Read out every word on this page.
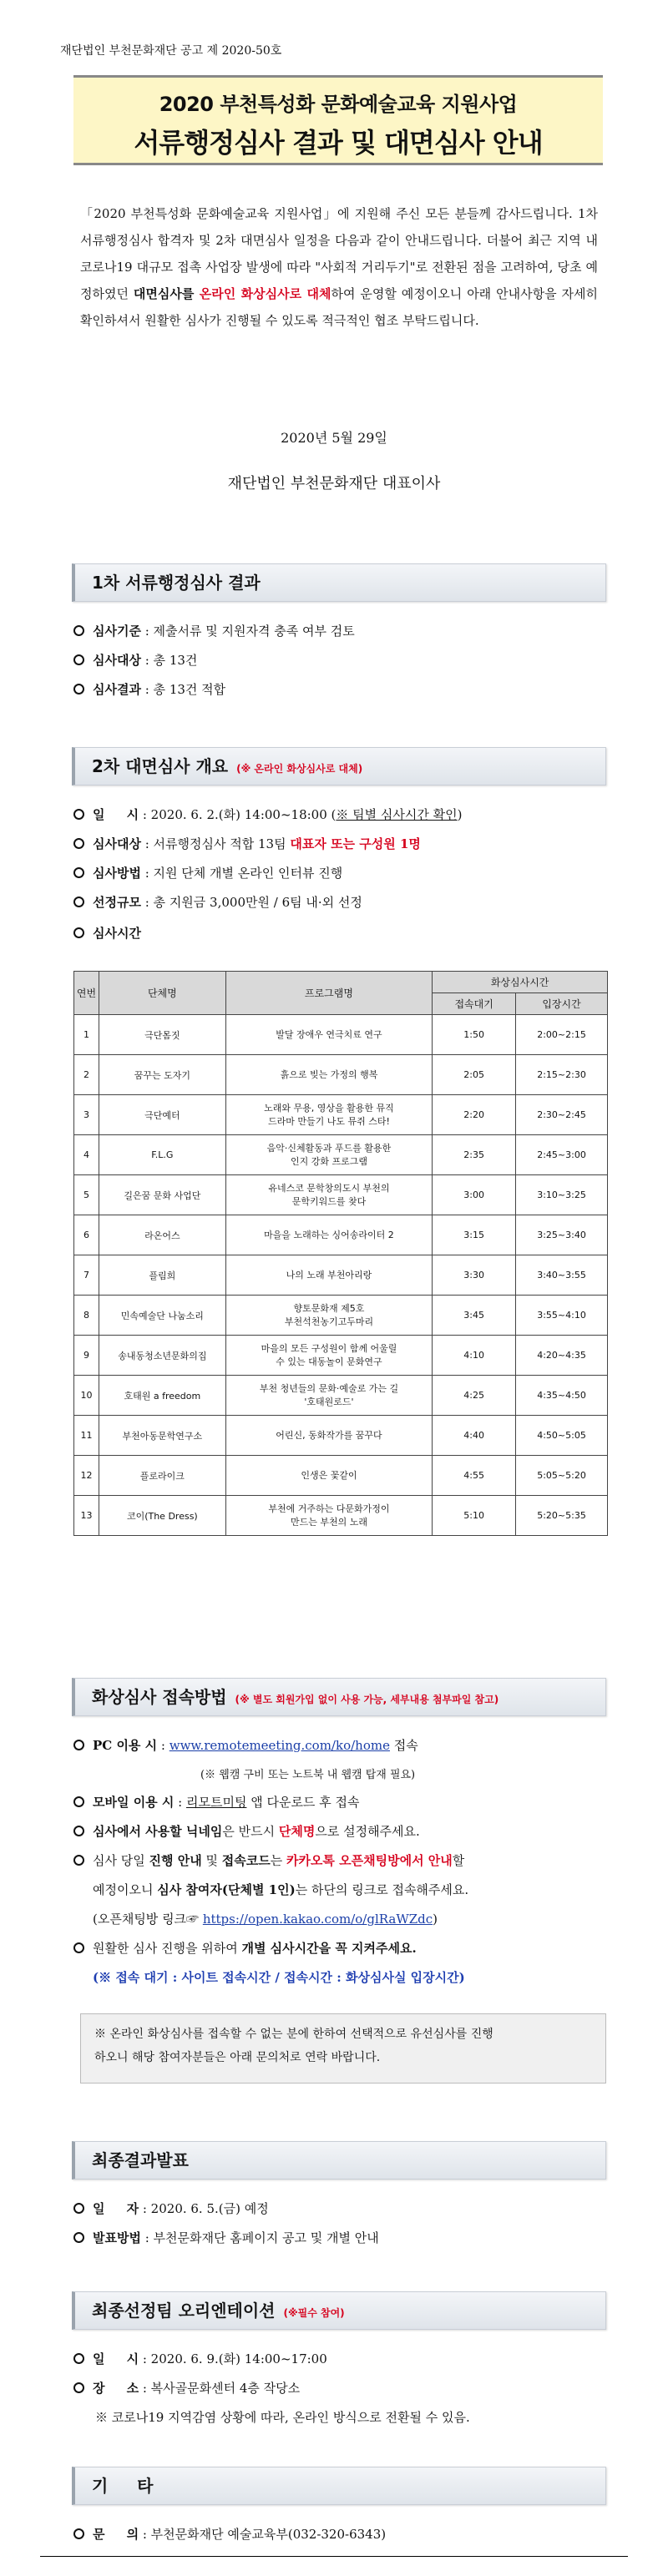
재단법인 부천문화재단 공고 제 2020-50호
2020 부천특성화 문화예술교육 지원사업
서류행정심사 결과 및 대면심사 안내
「2020 부천특성화 문화예술교육 지원사업」에 지원해 주신 모든 분들께 감사드립니다. 1차 서류행정심사 합격자 및 2차 대면심사 일정을 다음과 같이 안내드립니다. 더불어 최근 지역 내 코로나19 대규모 접촉 사업장 발생에 따라 "사회적 거리두기"로 전환된 점을 고려하여, 당초 예정하였던 대면심사를 온라인 화상심사로 대체하여 운영할 예정이오니 아래 안내사항을 자세히 확인하셔서 원활한 심사가 진행될 수 있도록 적극적인 협조 부탁드립니다.
2020년 5월 29일
재단법인 부천문화재단 대표이사
1차 서류행정심사 결과
심사기준 : 제출서류 및 지원자격 충족 여부 검토
심사대상 : 총 13건
심사결과 : 총 13건 적합
2차 대면심사 개요 (※ 온라인 화상심사로 대체)
일     시 : 2020. 6. 2.(화) 14:00~18:00 (※ 팀별 심사시간 확인)
심사대상 : 서류행정심사 적합 13팀 대표자 또는 구성원 1명
심사방법 : 지원 단체 개별 온라인 인터뷰 진행
선정규모 : 총 지원금 3,000만원 / 6팀 내·외 선정
심사시간
연번	단체명	프로그램명	화상심사시간	
			접속대기	입장시간
1	극단몸짓	발달 장애우 연극치료 연구	1:50	2:00~2:15
2	꿈꾸는 도자기	흙으로 빚는 가정의 행복	2:05	2:15~2:30
3	극단예터	노래와 무용, 영상을 활용한 뮤직
드라마 만들기 나도 뮤쥐 스타!	2:20	2:30~2:45
4	F.L.G	음악·신체활동과 푸드를 활용한
인지 강화 프로그램	2:35	2:45~3:00
5	길은꿈 문화 사업단	유네스코 문학창의도시 부천의
문학키워드를 찾다	3:00	3:10~3:25
6	라온어스	마을을 노래하는 싱어송라이터 2	3:15	3:25~3:40
7	플림희	나의 노래 부천아리랑	3:30	3:40~3:55
8	민속예술단 나눔소리	향토문화재 제5호
부천석천농기고두마리	3:45	3:55~4:10
9	송내동청소년문화의집	마을의 모든 구성원이 함께 어울릴
수 있는 대동놀이 문화연구	4:10	4:20~4:35
10	호태원 a freedom	부천 청년들의 문화·예술로 가는 길
'호태원로드'	4:25	4:35~4:50
11	부천아동문학연구소	어린신, 동화작가를 꿈꾸다	4:40	4:50~5:05
12	플로라이크	인생은 꽃같이	4:55	5:05~5:20
13	코이(The Dress)	부천에 거주하는 다문화가정이
만드는 부천의 노래	5:10	5:20~5:35
화상심사 접속방법 (※ 별도 회원가입 없이 사용 가능, 세부내용 첨부파일 참고)
PC 이용 시 : www.remotemeeting.com/ko/home 접속
(※ 웹캠 구비 또는 노트북 내 웹캠 탑재 필요)
모바일 이용 시 : 리모트미팅 앱 다운로드 후 접속
심사에서 사용할 닉네임은 반드시 단체명으로 설정해주세요.
심사 당일 진행 안내 및 접속코드는 카카오톡 오픈채팅방에서 안내할
예정이오니 심사 참여자(단체별 1인)는 하단의 링크로 접속해주세요.
(오픈채팅방 링크☞ https://open.kakao.com/o/glRaWZdc)
원활한 심사 진행을 위하여 개별 심사시간을 꼭 지켜주세요.
(※ 접속 대기 : 사이트 접속시간 / 접속시간 : 화상심사실 입장시간)
※ 온라인 화상심사를 접속할 수 없는 분에 한하여 선택적으로 유선심사를 진행
하오니 해당 참여자분들은 아래 문의처로 연락 바랍니다.
최종결과발표
일     자 : 2020. 6. 5.(금) 예정
발표방법 : 부천문화재단 홈페이지 공고 및 개별 안내
최종선정팀 오리엔테이션 (※필수 참여)
일     시 : 2020. 6. 9.(화) 14:00~17:00
장     소 : 복사골문화센터 4층 작당소
※ 코로나19 지역감염 상황에 따라, 온라인 방식으로 전환될 수 있음.
기     타
문     의 : 부천문화재단 예술교육부(032-320-6343)
